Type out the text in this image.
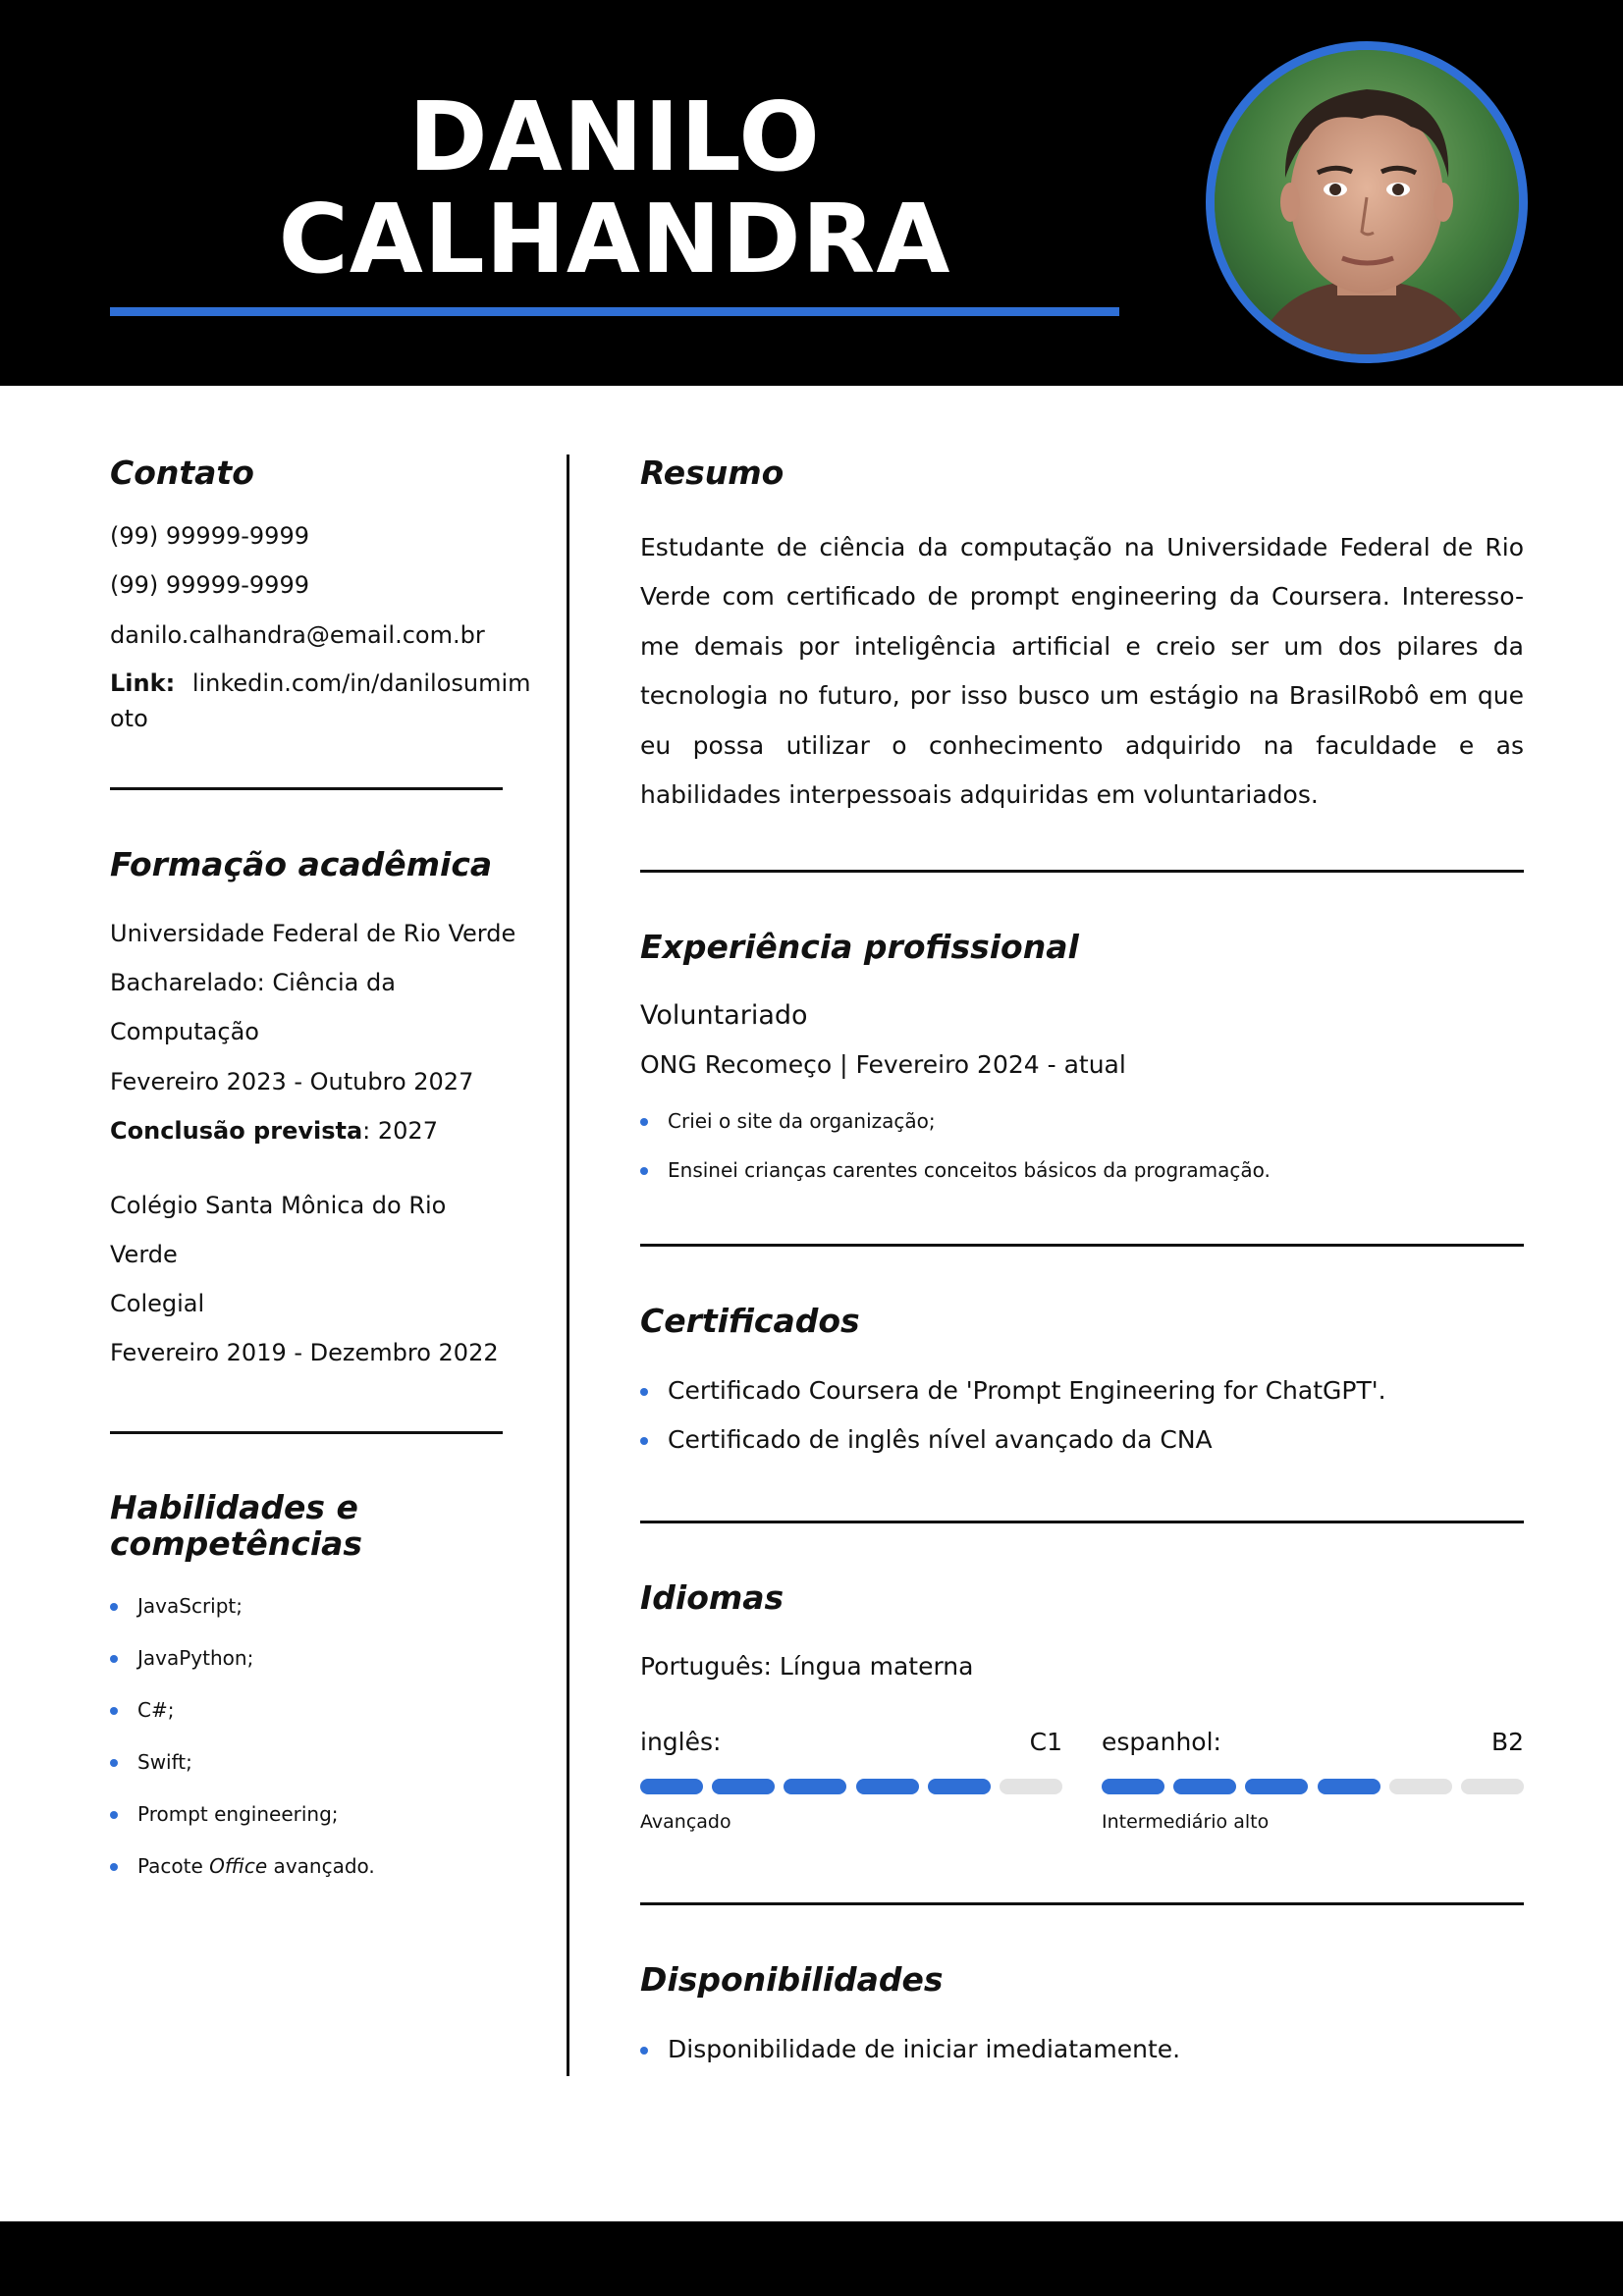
DANILO
CALHANDRA
Contato
(99) 99999-9999
(99) 99999-9999
danilo.calhandra@email.com.br
Link: linkedin.com/in/danilosumim
oto
Formação acadêmica
Universidade Federal de Rio Verde
Bacharelado: Ciência da
Computação
Fevereiro 2023 - Outubro 2027
Conclusão prevista: 2027
Colégio Santa Mônica do Rio
Verde
Colegial
Fevereiro 2019 - Dezembro 2022
Habilidades e
competências
JavaScript;
JavaPython;
C#;
Swift;
Prompt engineering;
Pacote Office avançado.
Resumo
Estudante de ciência da computação na Universidade Federal de Rio Verde com certificado de prompt engineering da Coursera. Interesso-me demais por inteligência artificial e creio ser um dos pilares da tecnologia no futuro, por isso busco um estágio na BrasilRobô em que eu possa utilizar o conhecimento adquirido na faculdade e as habilidades interpessoais adquiridas em voluntariados.
Experiência profissional
Voluntariado
ONG Recomeço | Fevereiro 2024 - atual
Criei o site da organização;
Ensinei crianças carentes conceitos básicos da programação.
Certificados
Certificado Coursera de 'Prompt Engineering for ChatGPT'.
Certificado de inglês nível avançado da CNA
Idiomas
Português: Língua materna
inglês:	C1
Avançado
espanhol:	B2
Intermediário alto
Disponibilidades
Disponibilidade de iniciar imediatamente.
